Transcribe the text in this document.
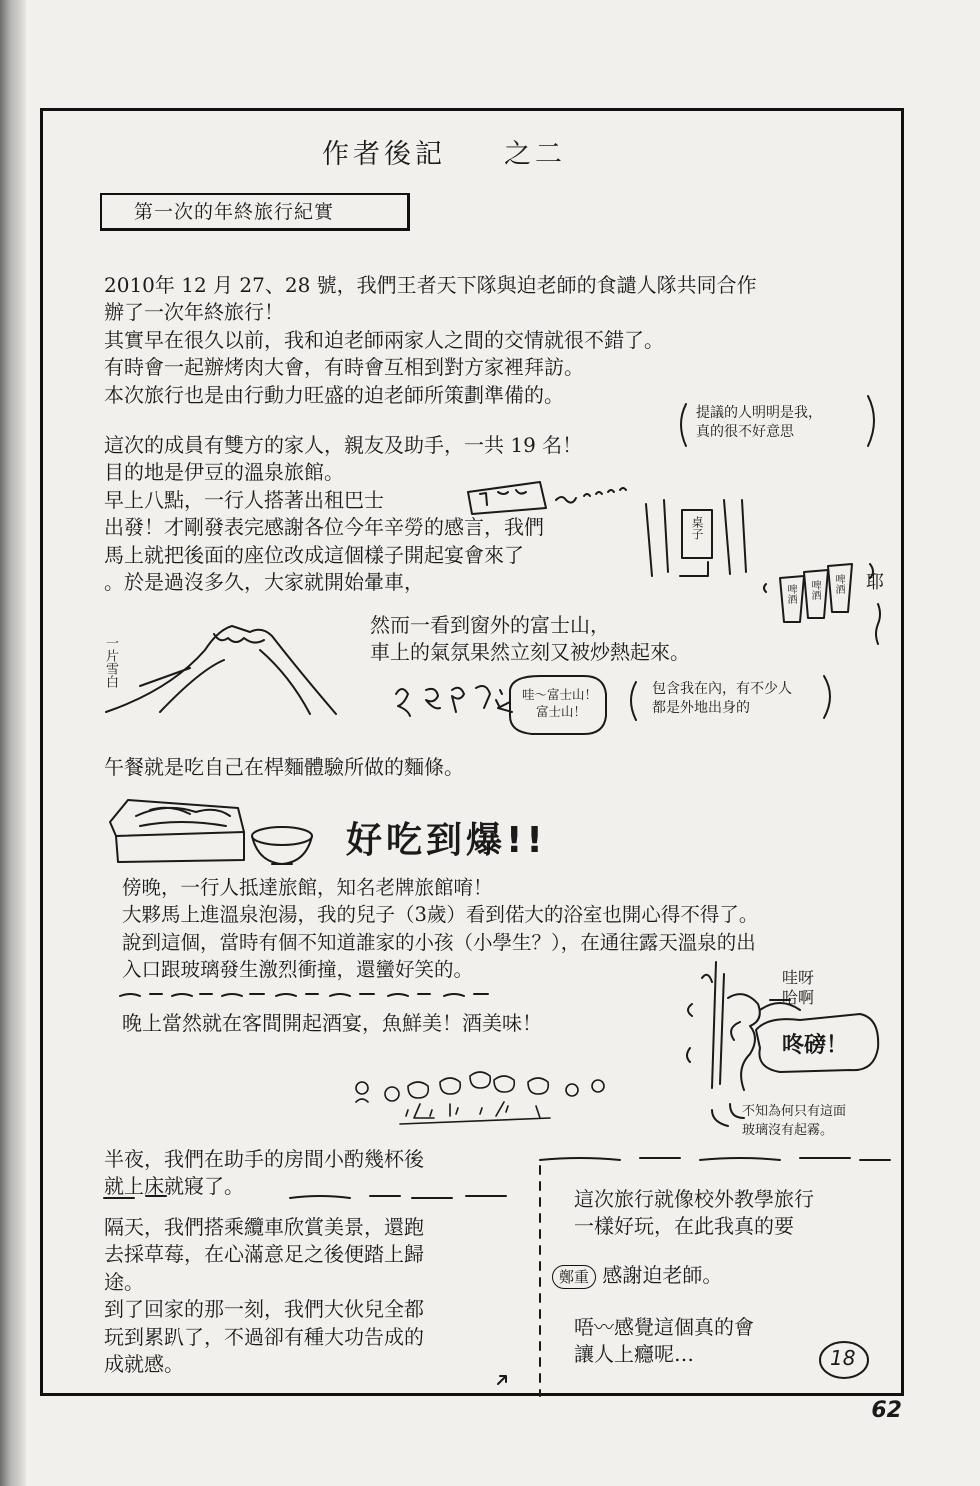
作者後記 之二
第一次的年終旅行紀實
2010年 12 月 27、28 號，我們王者天下隊與迫老師的食譴人隊共同合作
辦了一次年終旅行！
其實早在很久以前，我和迫老師兩家人之間的交情就很不錯了。
有時會一起辦烤肉大會，有時會互相到對方家裡拜訪。
本次旅行也是由行動力旺盛的迫老師所策劃準備的。
提議的人明明是我，
真的很不好意思
這次的成員有雙方的家人，親友及助手，一共 19 名！
目的地是伊豆的溫泉旅館。
早上八點，一行人搭著出租巴士
出發！才剛發表完感謝各位今年辛勞的感言，我們
馬上就把後面的座位改成這個樣子開起宴會來了
。於是過沒多久，大家就開始暈車，
桌子
啤酒 啤酒 啤酒 耶
一片雪白
然而一看到窗外的富士山，
車上的氣氛果然立刻又被炒熱起來。
哇〜富士山！
富士山！
包含我在內，有不少人
都是外地出身的
午餐就是吃自己在桿麵體驗所做的麵條。
好吃到爆!!
傍晚，一行人抵達旅館，知名老牌旅館唷！
大夥馬上進溫泉泡湯，我的兒子（3歲）看到偌大的浴室也開心得不得了。
說到這個，當時有個不知道誰家的小孩（小學生？），在通往露天溫泉的出
入口跟玻璃發生激烈衝撞，還蠻好笑的。
晚上當然就在客間開起酒宴，魚鮮美！酒美味！
哇呀
哈啊
咚磅！
不知為何只有這面
玻璃沒有起霧。
半夜，我們在助手的房間小酌幾杯後
就上床就寢了。
隔天，我們搭乘纜車欣賞美景，還跑
去採草莓，在心滿意足之後便踏上歸
途。
到了回家的那一刻，我們大伙兒全都
玩到累趴了，不過卻有種大功告成的
成就感。
這次旅行就像校外教學旅行
一樣好玩，在此我真的要
鄭重 感謝迫老師。
唔〰感覺這個真的會
讓人上癮呢…	18
62
